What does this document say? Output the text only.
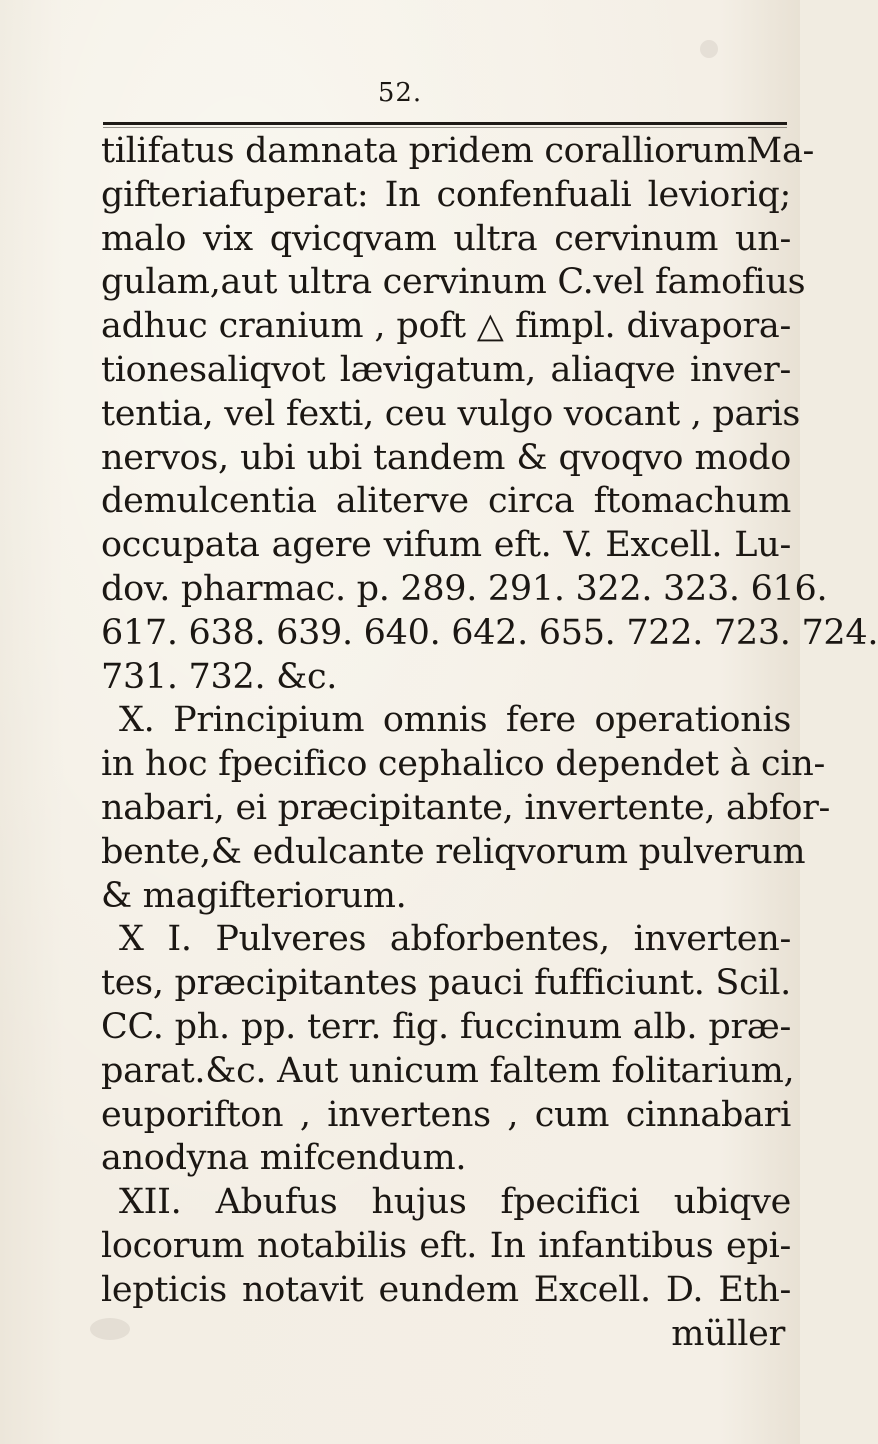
52.
tilifatus damnata pridem coralliorumMa-
gifteriafuperat: In confenfuali levioriq;
malo vix qvicqvam ultra cervinum un-
gulam,aut ultra cervinum C.vel famofius
adhuc cranium , poft △ fimpl. divapora-
tionesaliqvot lævigatum, aliaqve inver-
tentia, vel fexti, ceu vulgo vocant , paris
nervos, ubi ubi tandem & qvoqvo modo
demulcentia aliterve circa ftomachum
occupata agere vifum eft. V. Excell. Lu-
dov. pharmac. p. 289. 291. 322. 323. 616.
617. 638. 639. 640. 642. 655. 722. 723. 724.
731. 732. &c.
X. Principium omnis fere operationis
in hoc fpecifico cephalico dependet à cin-
nabari, ei præcipitante, invertente, abfor-
bente,& edulcante reliqvorum pulverum
& magifteriorum.
X I. Pulveres abforbentes, inverten-
tes, præcipitantes pauci fufficiunt. Scil.
CC. ph. pp. terr. fig. fuccinum alb. præ-
parat.&c. Aut unicum faltem folitarium,
euporifton , invertens , cum cinnabari
anodyna mifcendum.
XII. Abufus hujus fpecifici ubiqve
locorum notabilis eft. In infantibus epi-
lepticis notavit eundem Excell. D. Eth-
müller
